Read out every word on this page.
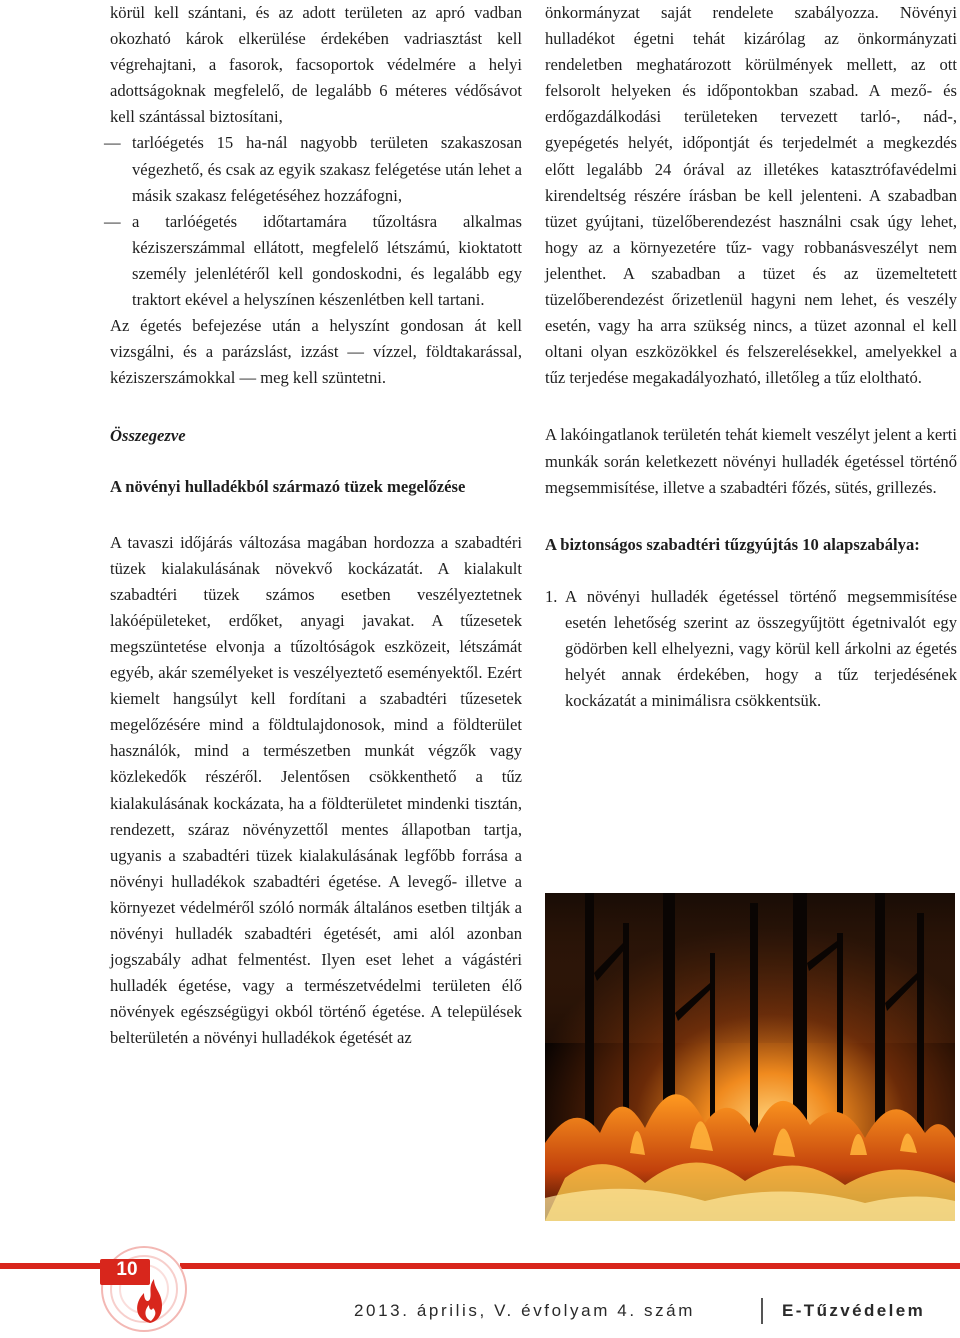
körül kell szántani, és az adott területen az apró vadban okozható károk elkerülése érdekében vadriasztást kell végrehajtani, a fasorok, facsoportok védelmére a helyi adottságoknak megfelelő, de legalább 6 méteres védősávot kell szántással biztosítani,

— tarlóégetés 15 ha-nál nagyobb területen szakaszosan végezhető, és csak az egyik szakasz felégetése után lehet a másik szakasz felégetéséhez hozzáfogni,

— a tarlóégetés időtartamára tűzoltásra alkalmas kéziszerszámmal ellátott, megfelelő létszámú, kioktatott személy jelenlétéről kell gondoskodni, és legalább egy traktort ekével a helyszínen készenlétben kell tartani.

Az égetés befejezése után a helyszínt gondosan át kell vizsgálni, és a parázslást, izzást — vízzel, földtakarással, kéziszerszámokkal — meg kell szüntetni.

Összegezve

A növényi hulladékból származó tüzek megelőzése

A tavaszi időjárás változása magában hordozza a szabadtéri tüzek kialakulásának növekvő kockázatát. A kialakult szabadtéri tüzek számos esetben veszélyeztetnek lakóépületeket, erdőket, anyagi javakat. A tűzesetek megszüntetése elvonja a tűzoltóságok eszközeit, létszámát egyéb, akár személyeket is veszélyeztető eseményektől. Ezért kiemelt hangsúlyt kell fordítani a szabadtéri tűzesetek megelőzésére mind a földtulajdonosok, mind a földterület használók, mind a természetben munkát végzők vagy közlekedők részéről. Jelentősen csökkenthető a tűz kialakulásának kockázata, ha a földterületet mindenki tisztán, rendezett, száraz növényzettől mentes állapotban tartja, ugyanis a szabadtéri tüzek kialakulásának legfőbb forrása a növényi hulladékok szabadtéri égetése. A levegő- illetve a környezet védelméről szóló normák általános esetben tiltják a növényi hulladék szabadtéri égetését, ami alól azonban jogszabály adhat felmentést. Ilyen eset lehet a vágástéri hulladék égetése, vagy a természetvédelmi területen élő növények egészségügyi okból történő égetése. A települések belterületén a növényi hulladékok égetését az

önkormányzat saját rendelete szabályozza. Növényi hulladékot égetni tehát kizárólag az önkormányzati rendeletben meghatározott körülmények mellett, az ott felsorolt helyeken és időpontokban szabad. A mező- és erdőgazdálkodási területeken tervezett tarló-, nád-, gyepégetés helyét, időpontját és terjedelmét a megkezdés előtt legalább 24 órával az illetékes katasztrófavédelmi kirendeltség részére írásban be kell jelenteni. A szabadban tüzet gyújtani, tüzelőberendezést használni csak úgy lehet, hogy az a környezetére tűz- vagy robbanásveszélyt nem jelenthet. A szabadban a tüzet és az üzemeltetett tüzelőberendezést őrizetlenül hagyni nem lehet, és veszély esetén, vagy ha arra szükség nincs, a tüzet azonnal el kell oltani olyan eszközökkel és felszerelésekkel, amelyekkel a tűz terjedése megakadályozható, illetőleg a tűz eloltható.

A lakóingatlanok területén tehát kiemelt veszélyt jelent a kerti munkák során keletkezett növényi hulladék égetéssel történő megsemmisítése, illetve a szabadtéri főzés, sütés, grillezés.

A biztonságos szabadtéri tűzgyújtás 10 alapszabálya:

1. A növényi hulladék égetéssel történő megsemmisítése esetén lehetőség szerint az összegyűjtött égetnivalót egy gödörben kell elhelyezni, vagy körül kell árkolni az égetés helyét annak érdekében, hogy a tűz terjedésének kockázatát a minimálisra csökkentsük.
10
2013. április, V. évfolyam 4. szám	E-Tűzvédelem
